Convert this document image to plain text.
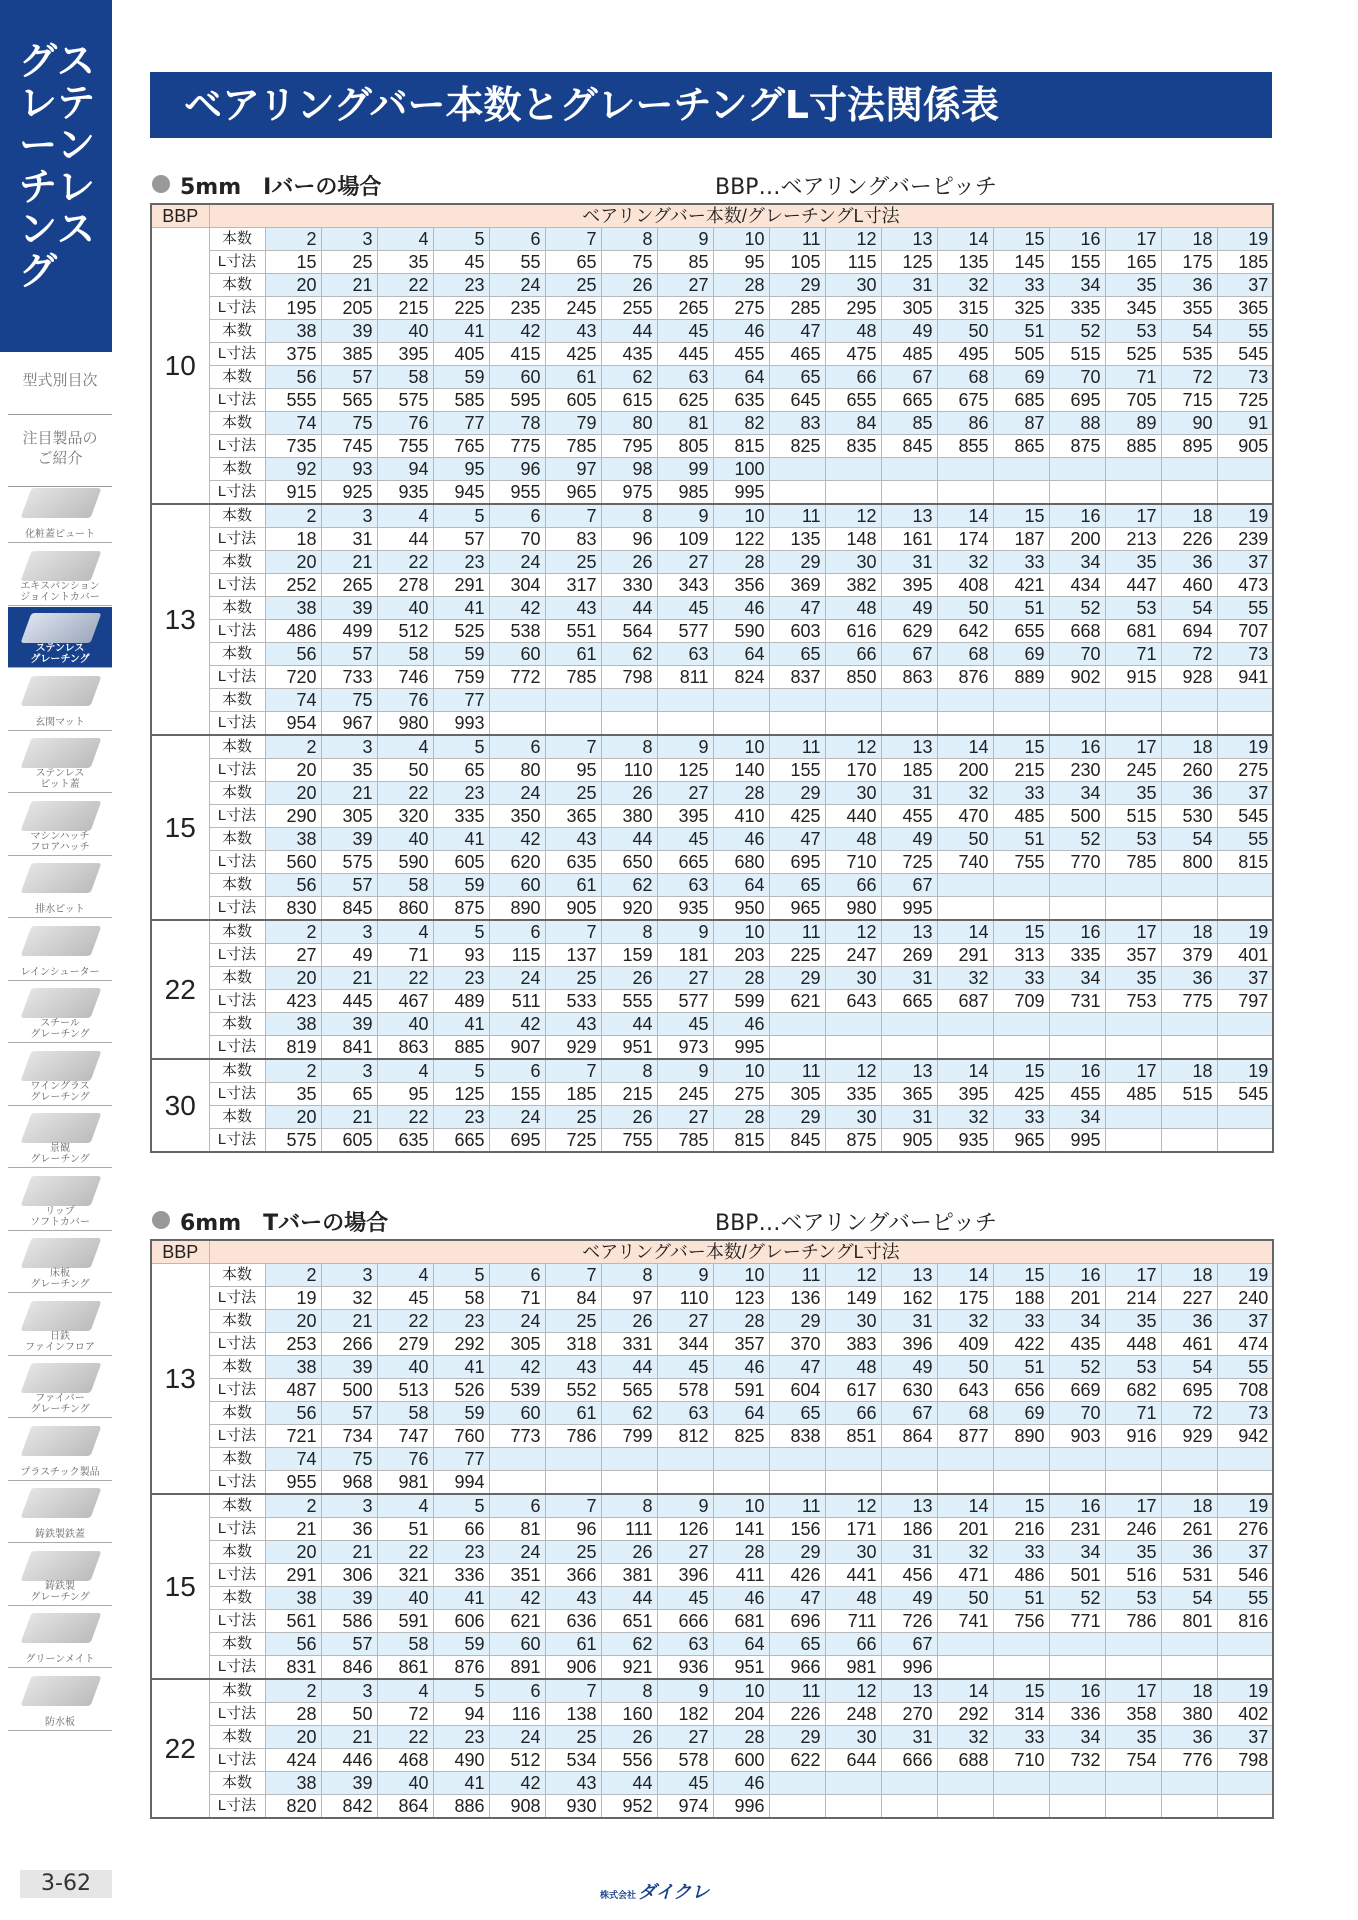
ス
テ
ン
レ
ス
グ
レ
ー
チ
ン
グ
型式別目次
注目製品の
ご紹介
化粧蓋ピュート
エキスパンション
ジョイントカバー
ステンレス
グレーチング
玄関マット
ステンレス
ピット蓋
マシンハッチ
フロアハッチ
排水ピット
レインシューター
スチール
グレーチング
ワイングラス
グレーチング
景観
グレーチング
リップ
ソフトカバー
床板
グレーチング
日鉄
ファインフロア
ファイバー
グレーチング
プラスチック製品
鋳鉄製鉄蓋
鋳鉄製
グレーチング
グリーンメイト
防水板
ベアリングバー本数とグレーチングL寸法関係表
5mm　Iバーの場合	BBP…ベアリングバーピッチ
BBP	ベアリングバー本数/グレーチングL寸法																		
10	本数	2	3	4	5	6	7	8	9	10	11	12	13	14	15	16	17	18	19
	L寸法	15	25	35	45	55	65	75	85	95	105	115	125	135	145	155	165	175	185
	本数	20	21	22	23	24	25	26	27	28	29	30	31	32	33	34	35	36	37
	L寸法	195	205	215	225	235	245	255	265	275	285	295	305	315	325	335	345	355	365
	本数	38	39	40	41	42	43	44	45	46	47	48	49	50	51	52	53	54	55
	L寸法	375	385	395	405	415	425	435	445	455	465	475	485	495	505	515	525	535	545
	本数	56	57	58	59	60	61	62	63	64	65	66	67	68	69	70	71	72	73
	L寸法	555	565	575	585	595	605	615	625	635	645	655	665	675	685	695	705	715	725
	本数	74	75	76	77	78	79	80	81	82	83	84	85	86	87	88	89	90	91
	L寸法	735	745	755	765	775	785	795	805	815	825	835	845	855	865	875	885	895	905
	本数	92	93	94	95	96	97	98	99	100									
	L寸法	915	925	935	945	955	965	975	985	995									
13	本数	2	3	4	5	6	7	8	9	10	11	12	13	14	15	16	17	18	19
	L寸法	18	31	44	57	70	83	96	109	122	135	148	161	174	187	200	213	226	239
	本数	20	21	22	23	24	25	26	27	28	29	30	31	32	33	34	35	36	37
	L寸法	252	265	278	291	304	317	330	343	356	369	382	395	408	421	434	447	460	473
	本数	38	39	40	41	42	43	44	45	46	47	48	49	50	51	52	53	54	55
	L寸法	486	499	512	525	538	551	564	577	590	603	616	629	642	655	668	681	694	707
	本数	56	57	58	59	60	61	62	63	64	65	66	67	68	69	70	71	72	73
	L寸法	720	733	746	759	772	785	798	811	824	837	850	863	876	889	902	915	928	941
	本数	74	75	76	77														
	L寸法	954	967	980	993														
15	本数	2	3	4	5	6	7	8	9	10	11	12	13	14	15	16	17	18	19
	L寸法	20	35	50	65	80	95	110	125	140	155	170	185	200	215	230	245	260	275
	本数	20	21	22	23	24	25	26	27	28	29	30	31	32	33	34	35	36	37
	L寸法	290	305	320	335	350	365	380	395	410	425	440	455	470	485	500	515	530	545
	本数	38	39	40	41	42	43	44	45	46	47	48	49	50	51	52	53	54	55
	L寸法	560	575	590	605	620	635	650	665	680	695	710	725	740	755	770	785	800	815
	本数	56	57	58	59	60	61	62	63	64	65	66	67						
	L寸法	830	845	860	875	890	905	920	935	950	965	980	995						
22	本数	2	3	4	5	6	7	8	9	10	11	12	13	14	15	16	17	18	19
	L寸法	27	49	71	93	115	137	159	181	203	225	247	269	291	313	335	357	379	401
	本数	20	21	22	23	24	25	26	27	28	29	30	31	32	33	34	35	36	37
	L寸法	423	445	467	489	511	533	555	577	599	621	643	665	687	709	731	753	775	797
	本数	38	39	40	41	42	43	44	45	46									
	L寸法	819	841	863	885	907	929	951	973	995									
30	本数	2	3	4	5	6	7	8	9	10	11	12	13	14	15	16	17	18	19
	L寸法	35	65	95	125	155	185	215	245	275	305	335	365	395	425	455	485	515	545
	本数	20	21	22	23	24	25	26	27	28	29	30	31	32	33	34			
	L寸法	575	605	635	665	695	725	755	785	815	845	875	905	935	965	995			
6mm　Tバーの場合	BBP…ベアリングバーピッチ
BBP	ベアリングバー本数/グレーチングL寸法																		
13	本数	2	3	4	5	6	7	8	9	10	11	12	13	14	15	16	17	18	19
	L寸法	19	32	45	58	71	84	97	110	123	136	149	162	175	188	201	214	227	240
	本数	20	21	22	23	24	25	26	27	28	29	30	31	32	33	34	35	36	37
	L寸法	253	266	279	292	305	318	331	344	357	370	383	396	409	422	435	448	461	474
	本数	38	39	40	41	42	43	44	45	46	47	48	49	50	51	52	53	54	55
	L寸法	487	500	513	526	539	552	565	578	591	604	617	630	643	656	669	682	695	708
	本数	56	57	58	59	60	61	62	63	64	65	66	67	68	69	70	71	72	73
	L寸法	721	734	747	760	773	786	799	812	825	838	851	864	877	890	903	916	929	942
	本数	74	75	76	77														
	L寸法	955	968	981	994														
15	本数	2	3	4	5	6	7	8	9	10	11	12	13	14	15	16	17	18	19
	L寸法	21	36	51	66	81	96	111	126	141	156	171	186	201	216	231	246	261	276
	本数	20	21	22	23	24	25	26	27	28	29	30	31	32	33	34	35	36	37
	L寸法	291	306	321	336	351	366	381	396	411	426	441	456	471	486	501	516	531	546
	本数	38	39	40	41	42	43	44	45	46	47	48	49	50	51	52	53	54	55
	L寸法	561	586	591	606	621	636	651	666	681	696	711	726	741	756	771	786	801	816
	本数	56	57	58	59	60	61	62	63	64	65	66	67						
	L寸法	831	846	861	876	891	906	921	936	951	966	981	996						
22	本数	2	3	4	5	6	7	8	9	10	11	12	13	14	15	16	17	18	19
	L寸法	28	50	72	94	116	138	160	182	204	226	248	270	292	314	336	358	380	402
	本数	20	21	22	23	24	25	26	27	28	29	30	31	32	33	34	35	36	37
	L寸法	424	446	468	490	512	534	556	578	600	622	644	666	688	710	732	754	776	798
	本数	38	39	40	41	42	43	44	45	46									
	L寸法	820	842	864	886	908	930	952	974	996									
3-62	株式会社 ダイクレ
